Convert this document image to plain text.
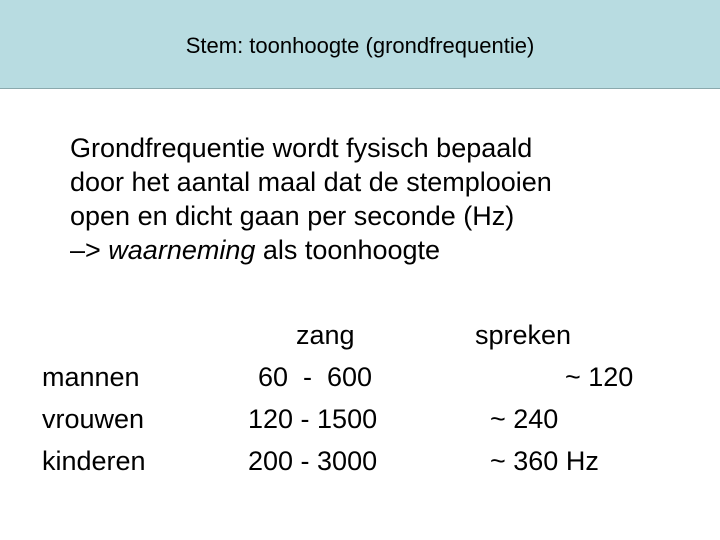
Stem: toonhoogte (grondfrequentie)
Grondfrequentie wordt fysisch bepaald
door het aantal maal dat de stemplooien
open en dicht gaan per seconde (Hz)
–> waarneming als toonhoogte
zang	spreken
mannen
vrouwen
kinderen
60  -  600
120 - 1500
200 - 3000
~ 120
~ 240
~ 360 Hz
